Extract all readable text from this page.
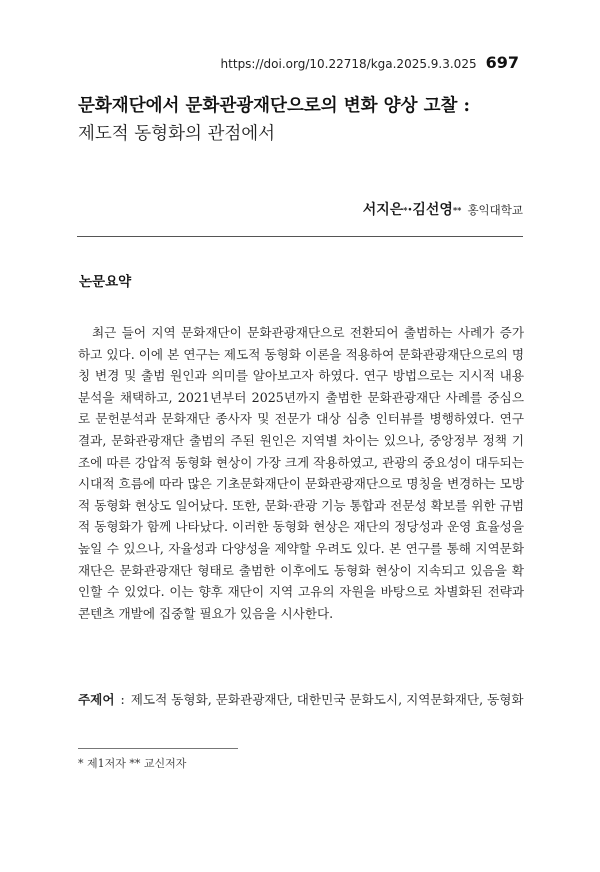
https://doi.org/10.22718/kga.2025.9.3.025 697
문화재단에서 문화관광재단으로의 변화 양상 고찰 :
제도적 동형화의 관점에서
서지은*·김선영** 홍익대학교
논문요약

최근 들어 지역 문화재단이 문화관광재단으로 전환되어 출범하는 사례가 증가하고 있다. 이에 본 연구는 제도적 동형화 이론을 적용하여 문화관광재단으로의 명칭 변경 및 출범 원인과 의미를 알아보고자 하였다. 연구 방법으로는 지시적 내용분석을 채택하고, 2021년부터 2025년까지 출범한 문화관광재단 사례를 중심으로 문헌분석과 문화재단 종사자 및 전문가 대상 심층 인터뷰를 병행하였다. 연구 결과, 문화관광재단 출범의 주된 원인은 지역별 차이는 있으나, 중앙정부 정책 기조에 따른 강압적 동형화 현상이 가장 크게 작용하였고, 관광의 중요성이 대두되는 시대적 흐름에 따라 많은 기초문화재단이 문화관광재단으로 명칭을 변경하는 모방적 동형화 현상도 일어났다. 또한, 문화·관광 기능 통합과 전문성 확보를 위한 규범적 동형화가 함께 나타났다. 이러한 동형화 현상은 재단의 정당성과 운영 효율성을 높일 수 있으나, 자율성과 다양성을 제약할 우려도 있다. 본 연구를 통해 지역문화재단은 문화관광재단 형태로 출범한 이후에도 동형화 현상이 지속되고 있음을 확인할 수 있었다. 이는 향후 재단이 지역 고유의 자원을 바탕으로 차별화된 전략과 콘텐츠 개발에 집중할 필요가 있음을 시사한다.

주제어 : 제도적 동형화, 문화관광재단, 대한민국 문화도시, 지역문화재단, 동형화
* 제1저자 ** 교신저자
